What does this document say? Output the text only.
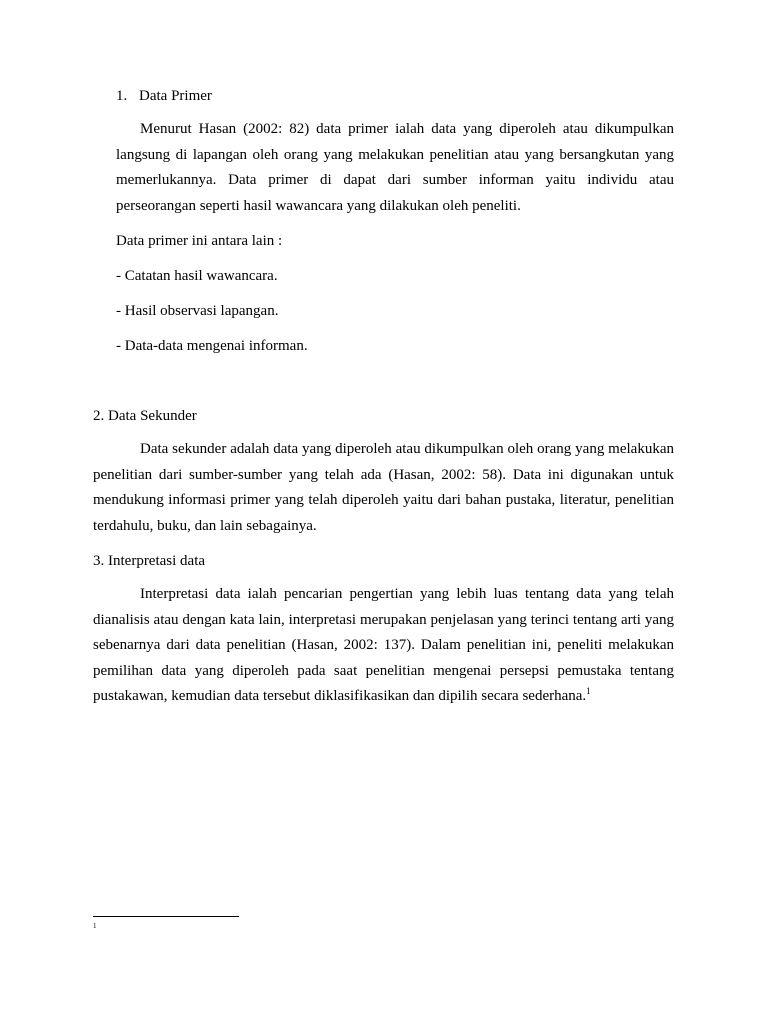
1. Data Primer

Menurut Hasan (2002: 82) data primer ialah data yang diperoleh atau dikumpulkan langsung di lapangan oleh orang yang melakukan penelitian atau yang bersangkutan yang memerlukannya. Data primer di dapat dari sumber informan yaitu individu atau perseorangan seperti hasil wawancara yang dilakukan oleh peneliti.

Data primer ini antara lain :
- Catatan hasil wawancara.
- Hasil observasi lapangan.
- Data-data mengenai informan.
2. Data Sekunder

Data sekunder adalah data yang diperoleh atau dikumpulkan oleh orang yang melakukan penelitian dari sumber-sumber yang telah ada (Hasan, 2002: 58). Data ini digunakan untuk mendukung informasi primer yang telah diperoleh yaitu dari bahan pustaka, literatur, penelitian terdahulu, buku, dan lain sebagainya.

3. Interpretasi data

Interpretasi data ialah pencarian pengertian yang lebih luas tentang data yang telah dianalisis atau dengan kata lain, interpretasi merupakan penjelasan yang terinci tentang arti yang sebenarnya dari data penelitian (Hasan, 2002: 137). Dalam penelitian ini, peneliti melakukan pemilihan data yang diperoleh pada saat penelitian mengenai persepsi pemustaka tentang pustakawan, kemudian data tersebut diklasifikasikan dan dipilih secara sederhana.$^1$

1
